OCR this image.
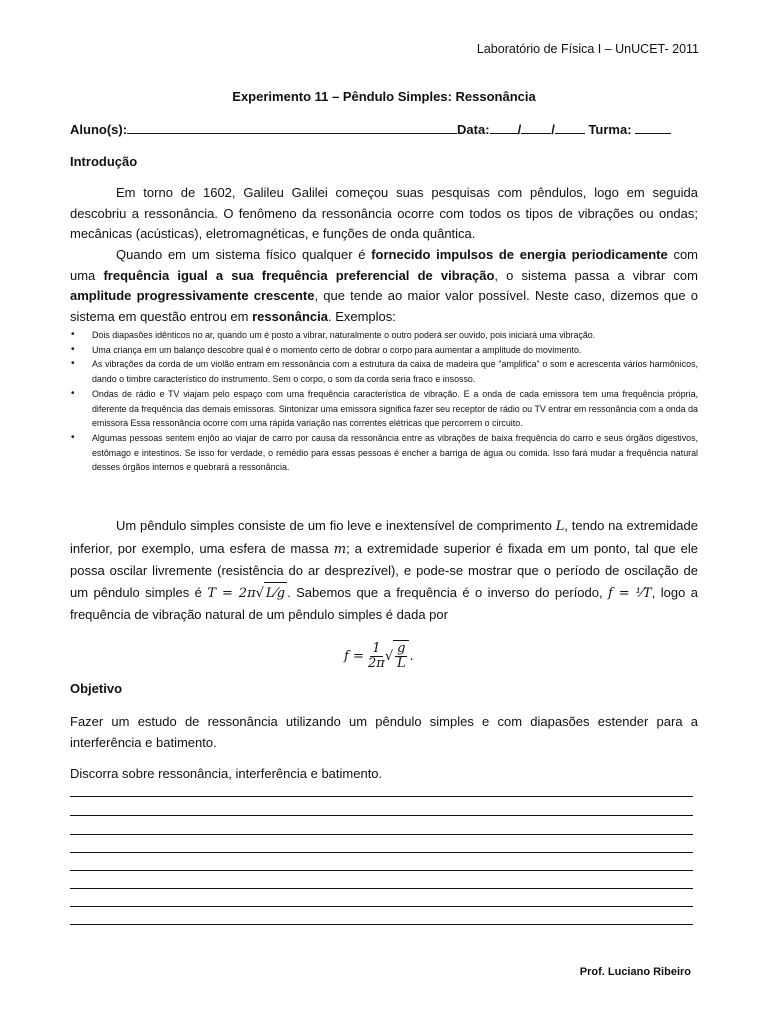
Laboratório de Física I – UnUCET- 2011
Experimento 11 – Pêndulo Simples: Ressonância
Aluno(s):	Data: / /	Turma:
Introdução
Em torno de 1602, Galileu Galilei começou suas pesquisas com pêndulos, logo em seguida descobriu a ressonância. O fenômeno da ressonância ocorre com todos os tipos de vibrações ou ondas; mecânicas (acústicas), eletromagnéticas, e funções de onda quântica.
Quando em um sistema físico qualquer é fornecido impulsos de energia periodicamente com uma frequência igual a sua frequência preferencial de vibração, o sistema passa a vibrar com amplitude progressivamente crescente, que tende ao maior valor possível. Neste caso, dizemos que o sistema em questão entrou em ressonância. Exemplos:
• Dois diapasões idênticos no ar, quando um é posto a vibrar, naturalmente o outro poderá ser ouvido, pois iniciará uma vibração.
• Uma criança em um balanço descobre qual é o momento certo de dobrar o corpo para aumentar a amplitude do movimento.
• As vibrações da corda de um violão entram em ressonância com a estrutura da caixa de madeira que "amplifica" o som e acrescenta vários harmônicos, dando o timbre característico do instrumento. Sem o corpo, o som da corda seria fraco e insosso.
• Ondas de rádio e TV viajam pelo espaço com uma frequência característica de vibração. E a onda de cada emissora tem uma frequência própria, diferente da frequência das demais emissoras. Sintonizar uma emissora significa fazer seu receptor de rádio ou TV entrar em ressonância com a onda da emissora Essa ressonância ocorre com uma rápida variação nas correntes elétricas que percorrem o circuito.
• Algumas pessoas sentem enjôo ao viajar de carro por causa da ressonância entre as vibrações de baixa frequência do carro e seus órgãos digestivos, estômago e intestinos. Se isso for verdade, o remédio para essas pessoas é encher a barriga de água ou comida. Isso fará mudar a frequência natural desses órgãos internos e quebrará a ressonância.
Um pêndulo simples consiste de um fio leve e inextensível de comprimento L, tendo na extremidade inferior, por exemplo, uma esfera de massa m; a extremidade superior é fixada em um ponto, tal que ele possa oscilar livremente (resistência do ar desprezível), e pode-se mostrar que o período de oscilação de um pêndulo simples é T = 2π√ L⁄g . Sabemos que a frequência é o inverso do período, f = ¹⁄T, logo a frequência de vibração natural de um pêndulo simples é dada por
$f = \frac{1}{2\pi}$ √ $\frac{g}{L}$ .
Objetivo
Fazer um estudo de ressonância utilizando um pêndulo simples e com diapasões estender para a interferência e batimento.
Discorra sobre ressonância, interferência e batimento.
Prof. Luciano Ribeiro
